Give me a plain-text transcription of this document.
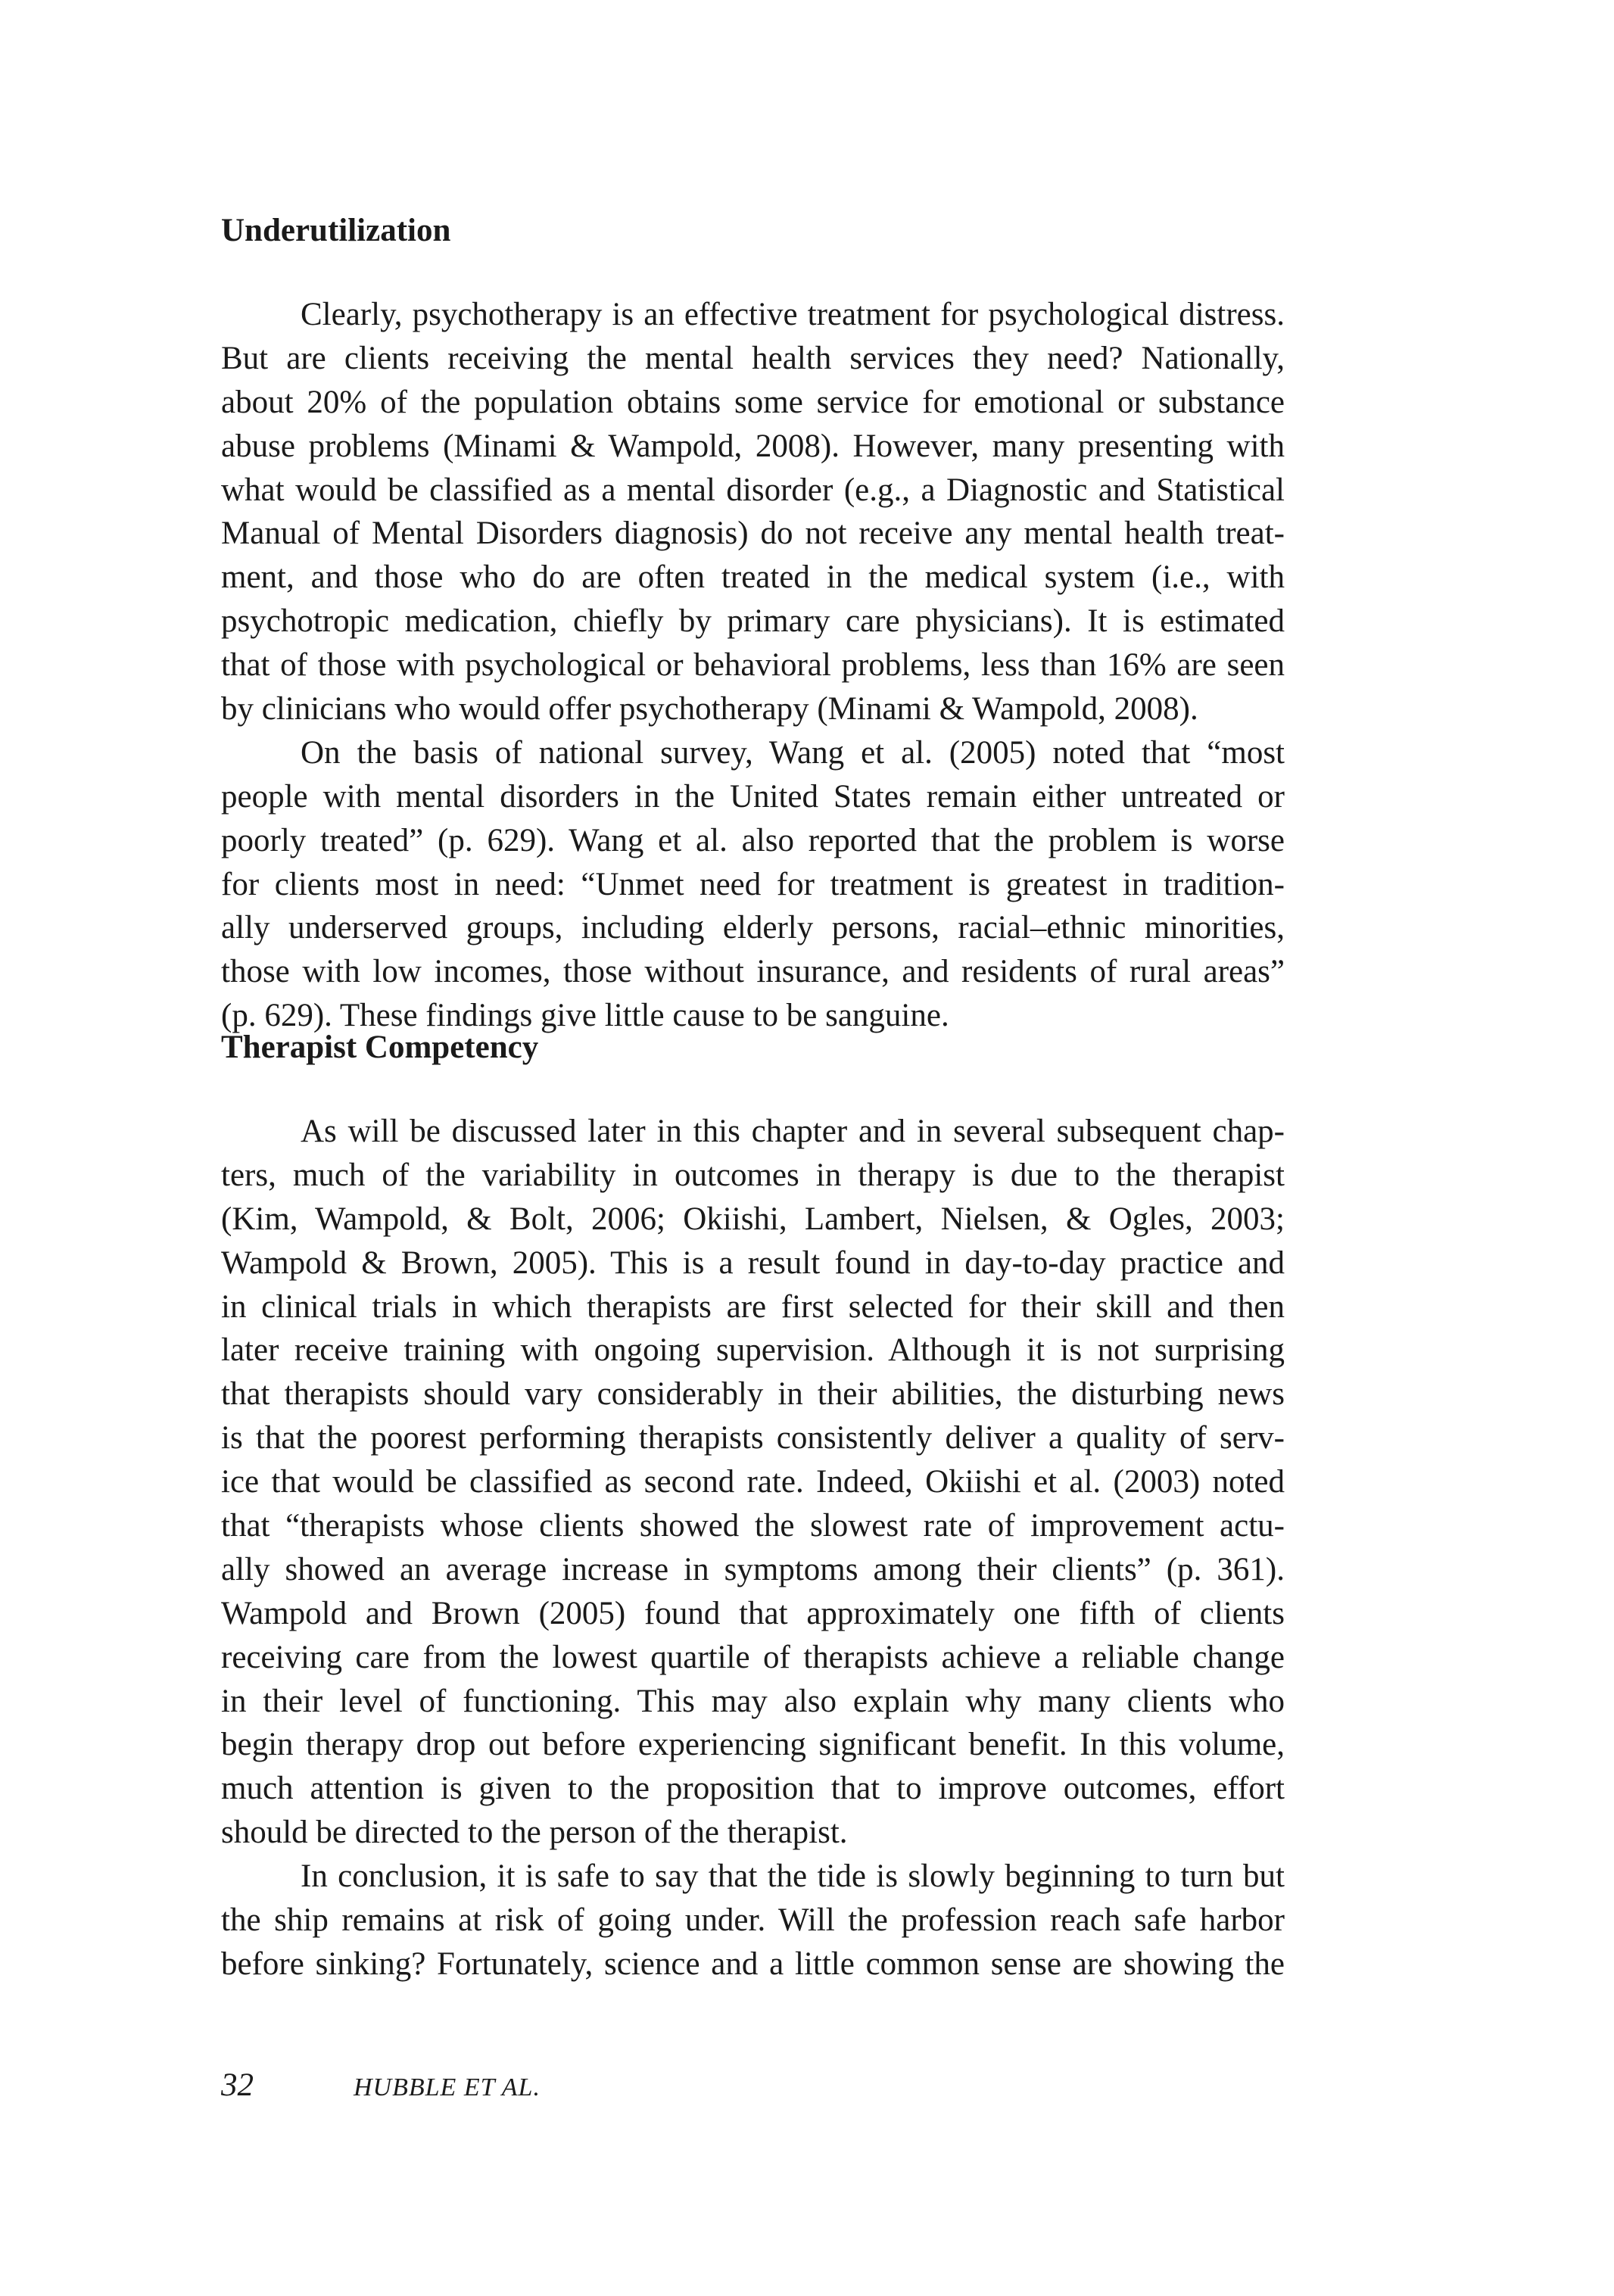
Underutilization
Clearly, psychotherapy is an effective treatment for psychological distress.
But are clients receiving the mental health services they need? Nationally,
about 20% of the population obtains some service for emotional or substance
abuse problems (Minami & Wampold, 2008). However, many presenting with
what would be classified as a mental disorder (e.g., a Diagnostic and Statistical
Manual of Mental Disorders diagnosis) do not receive any mental health treat-
ment, and those who do are often treated in the medical system (i.e., with
psychotropic medication, chiefly by primary care physicians). It is estimated
that of those with psychological or behavioral problems, less than 16% are seen
by clinicians who would offer psychotherapy (Minami & Wampold, 2008).
On the basis of national survey, Wang et al. (2005) noted that “most
people with mental disorders in the United States remain either untreated or
poorly treated” (p. 629). Wang et al. also reported that the problem is worse
for clients most in need: “Unmet need for treatment is greatest in tradition-
ally underserved groups, including elderly persons, racial–ethnic minorities,
those with low incomes, those without insurance, and residents of rural areas”
(p. 629). These findings give little cause to be sanguine.
Therapist Competency
As will be discussed later in this chapter and in several subsequent chap-
ters, much of the variability in outcomes in therapy is due to the therapist
(Kim, Wampold, & Bolt, 2006; Okiishi, Lambert, Nielsen, & Ogles, 2003;
Wampold & Brown, 2005). This is a result found in day-to-day practice and
in clinical trials in which therapists are first selected for their skill and then
later receive training with ongoing supervision. Although it is not surprising
that therapists should vary considerably in their abilities, the disturbing news
is that the poorest performing therapists consistently deliver a quality of serv-
ice that would be classified as second rate. Indeed, Okiishi et al. (2003) noted
that “therapists whose clients showed the slowest rate of improvement actu-
ally showed an average increase in symptoms among their clients” (p. 361).
Wampold and Brown (2005) found that approximately one fifth of clients
receiving care from the lowest quartile of therapists achieve a reliable change
in their level of functioning. This may also explain why many clients who
begin therapy drop out before experiencing significant benefit. In this volume,
much attention is given to the proposition that to improve outcomes, effort
should be directed to the person of the therapist.
In conclusion, it is safe to say that the tide is slowly beginning to turn but
the ship remains at risk of going under. Will the profession reach safe harbor
before sinking? Fortunately, science and a little common sense are showing the
32	HUBBLE ET AL.
